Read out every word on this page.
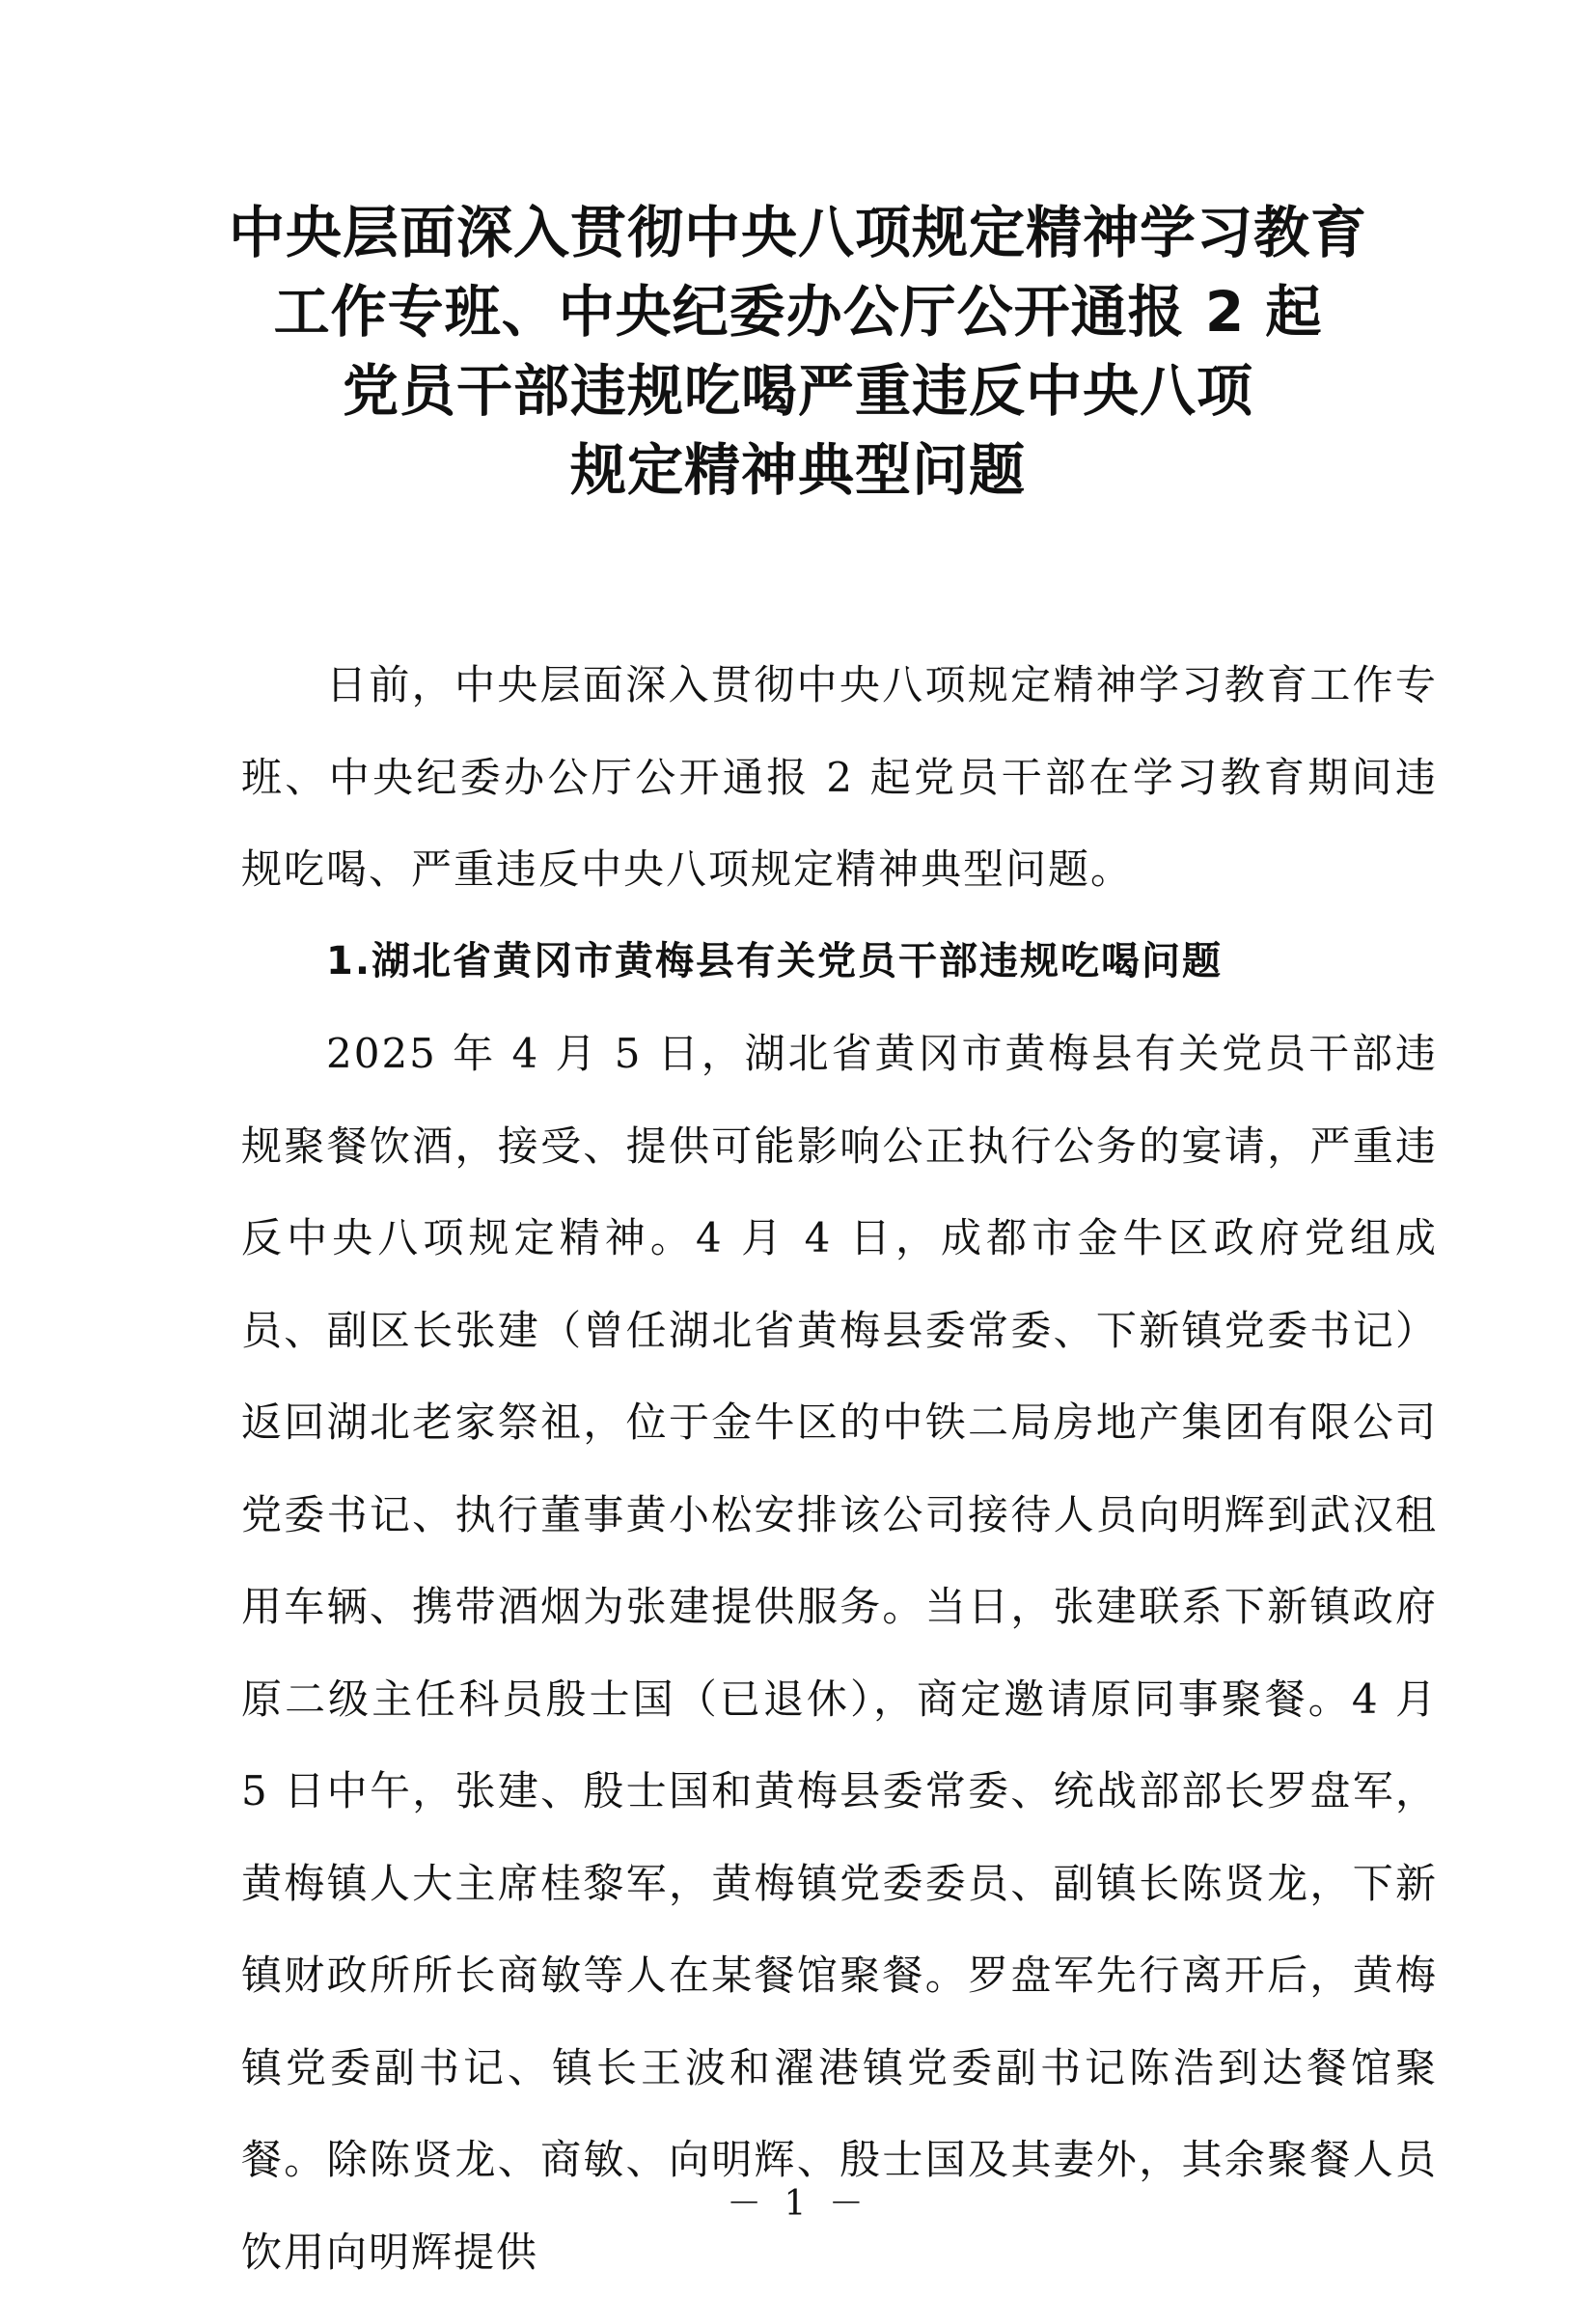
中央层面深入贯彻中央八项规定精神学习教育
工作专班、中央纪委办公厅公开通报 2 起
党员干部违规吃喝严重违反中央八项
规定精神典型问题

日前，中央层面深入贯彻中央八项规定精神学习教育工作专班、中央纪委办公厅公开通报 2 起党员干部在学习教育期间违规吃喝、严重违反中央八项规定精神典型问题。

1.湖北省黄冈市黄梅县有关党员干部违规吃喝问题

2025 年 4 月 5 日，湖北省黄冈市黄梅县有关党员干部违规聚餐饮酒，接受、提供可能影响公正执行公务的宴请，严重违反中央八项规定精神。4 月 4 日，成都市金牛区政府党组成员、副区长张建（曾任湖北省黄梅县委常委、下新镇党委书记）返回湖北老家祭祖，位于金牛区的中铁二局房地产集团有限公司党委书记、执行董事黄小松安排该公司接待人员向明辉到武汉租用车辆、携带酒烟为张建提供服务。当日，张建联系下新镇政府原二级主任科员殷士国（已退休），商定邀请原同事聚餐。4 月 5 日中午，张建、殷士国和黄梅县委常委、统战部部长罗盘军，黄梅镇人大主席桂黎军，黄梅镇党委委员、副镇长陈贤龙，下新镇财政所所长商敏等人在某餐馆聚餐。罗盘军先行离开后，黄梅镇党委副书记、镇长王波和濯港镇党委副书记陈浩到达餐馆聚餐。除陈贤龙、商敏、向明辉、殷士国及其妻外，其余聚餐人员饮用向明辉提供

－ 1 －
